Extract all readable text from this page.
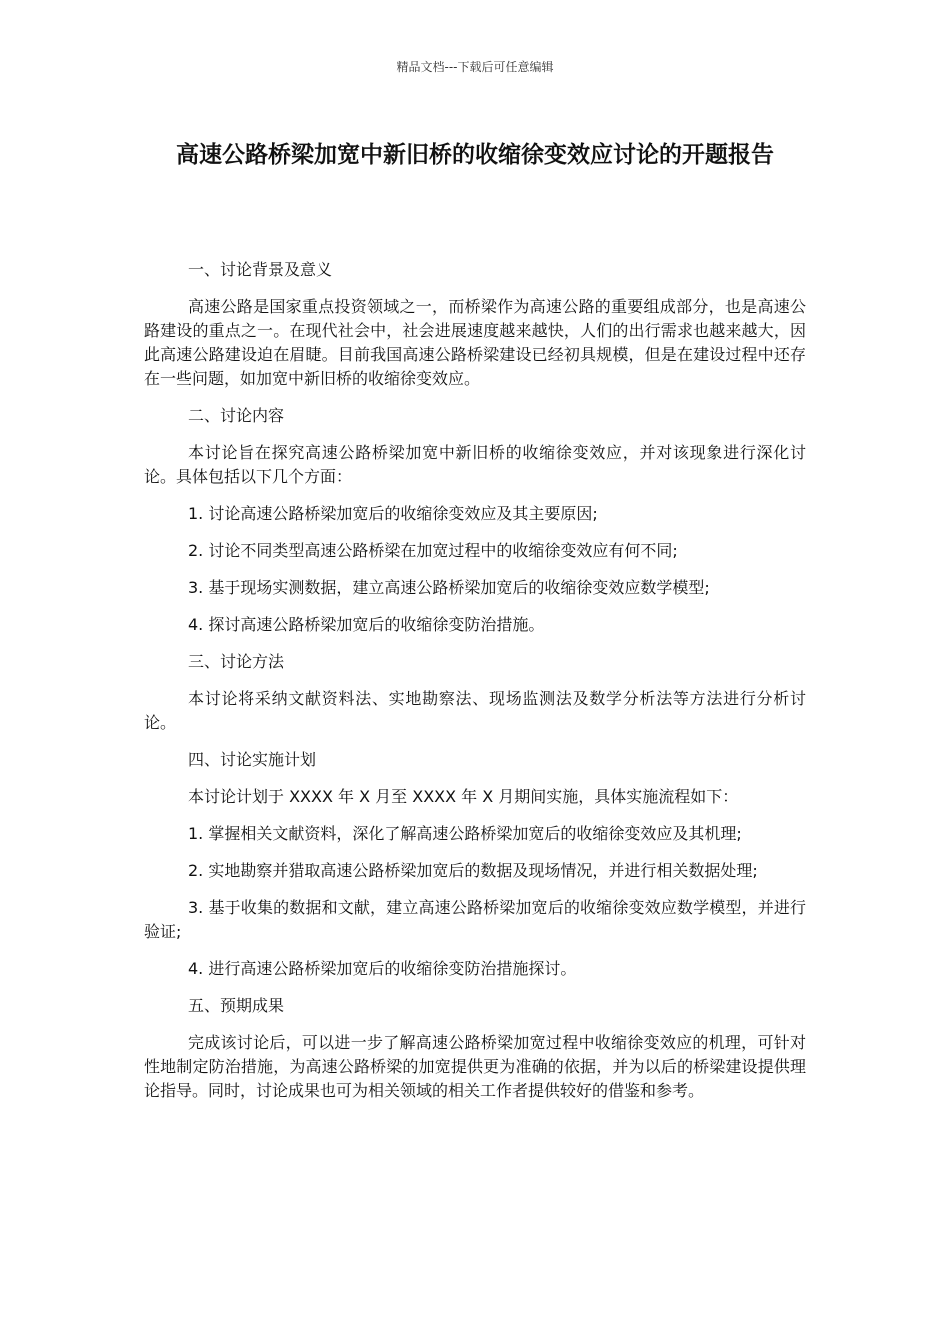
精品文档---下载后可任意编辑
高速公路桥梁加宽中新旧桥的收缩徐变效应讨论的开题报告
一、讨论背景及意义
高速公路是国家重点投资领域之一，而桥梁作为高速公路的重要组成部分，也是高速公路建设的重点之一。在现代社会中，社会进展速度越来越快，人们的出行需求也越来越大，因此高速公路建设迫在眉睫。目前我国高速公路桥梁建设已经初具规模，但是在建设过程中还存在一些问题，如加宽中新旧桥的收缩徐变效应。
二、讨论内容
本讨论旨在探究高速公路桥梁加宽中新旧桥的收缩徐变效应，并对该现象进行深化讨论。具体包括以下几个方面：
1. 讨论高速公路桥梁加宽后的收缩徐变效应及其主要原因;
2. 讨论不同类型高速公路桥梁在加宽过程中的收缩徐变效应有何不同;
3. 基于现场实测数据，建立高速公路桥梁加宽后的收缩徐变效应数学模型;
4. 探讨高速公路桥梁加宽后的收缩徐变防治措施。
三、讨论方法
本讨论将采纳文献资料法、实地勘察法、现场监测法及数学分析法等方法进行分析讨论。
四、讨论实施计划
本讨论计划于 XXXX 年 X 月至 XXXX 年 X 月期间实施，具体实施流程如下：
1. 掌握相关文献资料，深化了解高速公路桥梁加宽后的收缩徐变效应及其机理;
2. 实地勘察并猎取高速公路桥梁加宽后的数据及现场情况，并进行相关数据处理;
3. 基于收集的数据和文献，建立高速公路桥梁加宽后的收缩徐变效应数学模型，并进行验证;
4. 进行高速公路桥梁加宽后的收缩徐变防治措施探讨。
五、预期成果
完成该讨论后，可以进一步了解高速公路桥梁加宽过程中收缩徐变效应的机理，可针对性地制定防治措施，为高速公路桥梁的加宽提供更为准确的依据，并为以后的桥梁建设提供理论指导。同时，讨论成果也可为相关领域的相关工作者提供较好的借鉴和参考。
